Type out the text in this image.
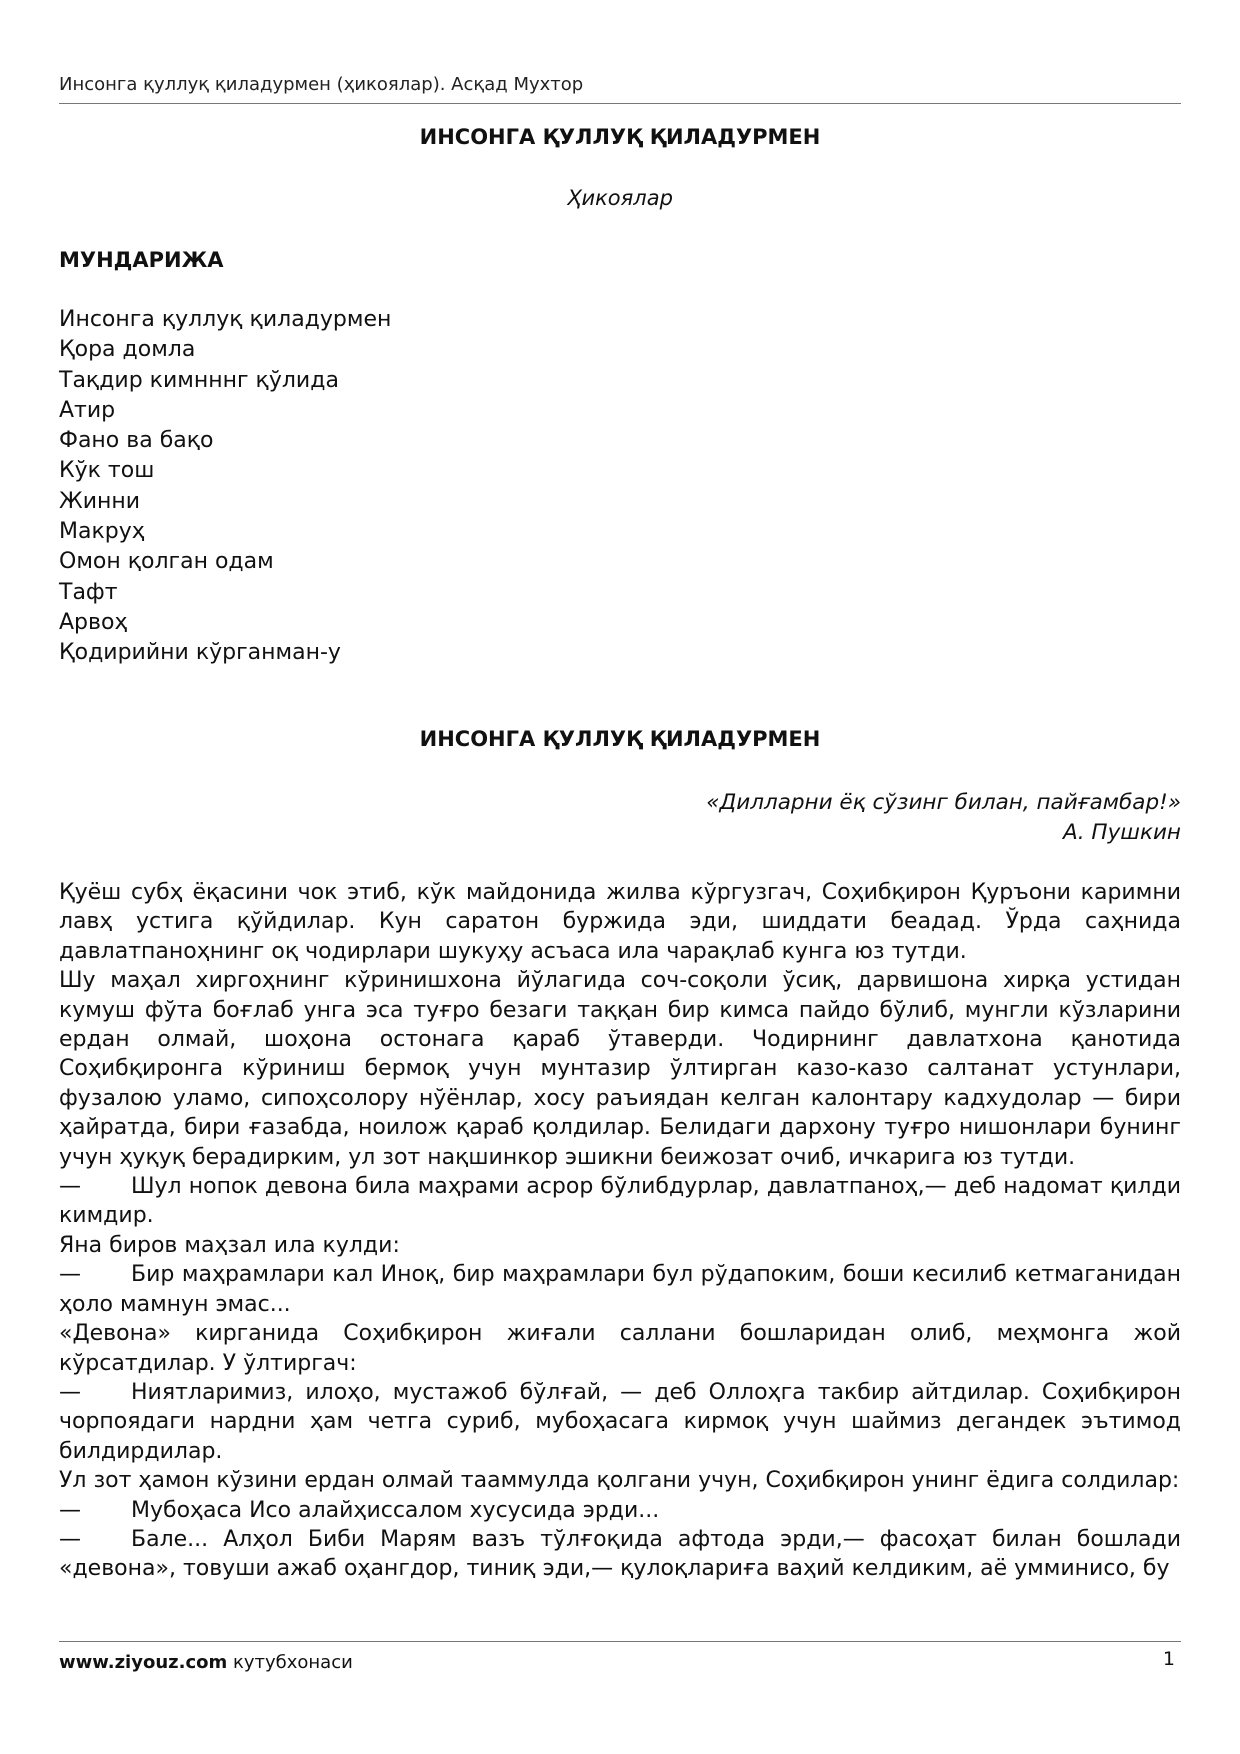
Инсонга қуллуқ қиладурмен (ҳикоялар). Асқад Мухтор
ИНСОНГА ҚУЛЛУҚ ҚИЛАДУРМЕН
Ҳикоялар
МУНДАРИЖА
Инсонга қуллуқ қиладурмен
Қора домла
Тақдир кимнннг қўлида
Атир
Фано ва бақо
Кўк тош
Жинни
Макруҳ
Омон қолган одам
Тафт
Арвоҳ
Қодирийни кўрганман-у
ИНСОНГА ҚУЛЛУҚ ҚИЛАДУРМЕН
«Дилларни ёқ сўзинг билан, пайғамбар!»
А. Пушкин

Қуёш субҳ ёқасини чок этиб, кўк майдонида жилва кўргузгач, Соҳибқирон Қуръони каримни лавҳ устига қўйдилар. Кун саратон буржида эди, шиддати беадад. Ўрда саҳнида давлатпаноҳнинг оқ чодирлари шукуҳу асъаса ила чарақлаб кунга юз тутди.

Шу маҳал хиргоҳнинг кўринишхона йўлагида соч-соқоли ўсиқ, дарвишона хирқа устидан кумуш фўта боғлаб унга эса туғро безаги таққан бир кимса пайдо бўлиб, мунгли кўзларини ердан олмай, шоҳона остонага қараб ўтаверди. Чодирнинг давлатхона қанотида Соҳибқиронга кўриниш бермоқ учун мунтазир ўлтирган казо-казо салтанат устунлари, фузалою уламо, сипоҳсолору нўёнлар, хосу раъиядан келган калонтару кадхудолар — бири ҳайратда, бири ғазабда, ноилож қараб қолдилар. Белидаги дархону туғро нишонлари бунинг учун ҳуқуқ берадирким, ул зот нақшинкор эшикни беижозат очиб, ичкарига юз тутди.

— Шул нопок девона била маҳрами асрор бўлибдурлар, давлатпаноҳ,— деб надомат қилди кимдир.

Яна биров маҳзал ила кулди:

— Бир маҳрамлари кал Иноқ, бир маҳрамлари бул рўдапоким, боши кесилиб кетмаганидан ҳоло мамнун эмас...

«Девона» кирганида Соҳибқирон жиғали саллани бошларидан олиб, меҳмонга жой кўрсатдилар. У ўлтиргач:

— Ниятларимиз, илоҳо, мустажоб бўлғай, — деб Оллоҳга такбир айтдилар. Соҳибқирон чорпоядаги нардни ҳам четга суриб, мубоҳасага кирмоқ учун шаймиз дегандек эътимод билдирдилар.

Ул зот ҳамон кўзини ердан олмай тааммулда қолгани учун, Соҳибқирон унинг ёдига солдилар:

— Мубоҳаса Исо алайҳиссалом хусусида эрди...

— Бале... Алҳол Биби Марям вазъ тўлғоқида афтода эрди,— фасоҳат билан бошлади «девона», товуши ажаб оҳангдор, тиниқ эди,— қулоқлариға ваҳий келдиким, аё умминисо, бу

www.ziyouz.com кутубхонаси	1
